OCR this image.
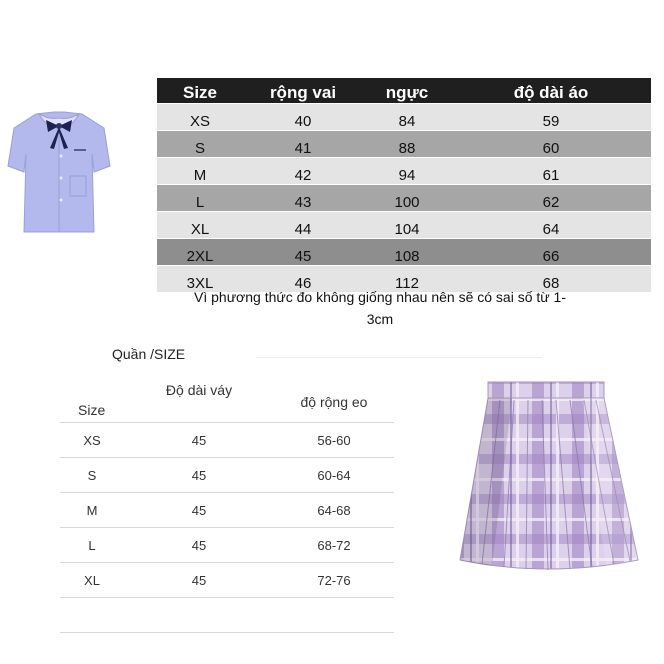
Size	rộng vai	ngực	độ dài áo
XS	40	84	59
S	41	88	60
M	42	94	61
L	43	100	62
XL	44	104	64
2XL	45	108	66
3XL	46	112	68
Vì phương thức đo không giống nhau nên sẽ có sai số từ 1-
3cm
Quần /SIZE
Size	Độ dài váy	độ rộng eo
XS	45	56-60
S	45	60-64
M	45	64-68
L	45	68-72
XL	45	72-76
